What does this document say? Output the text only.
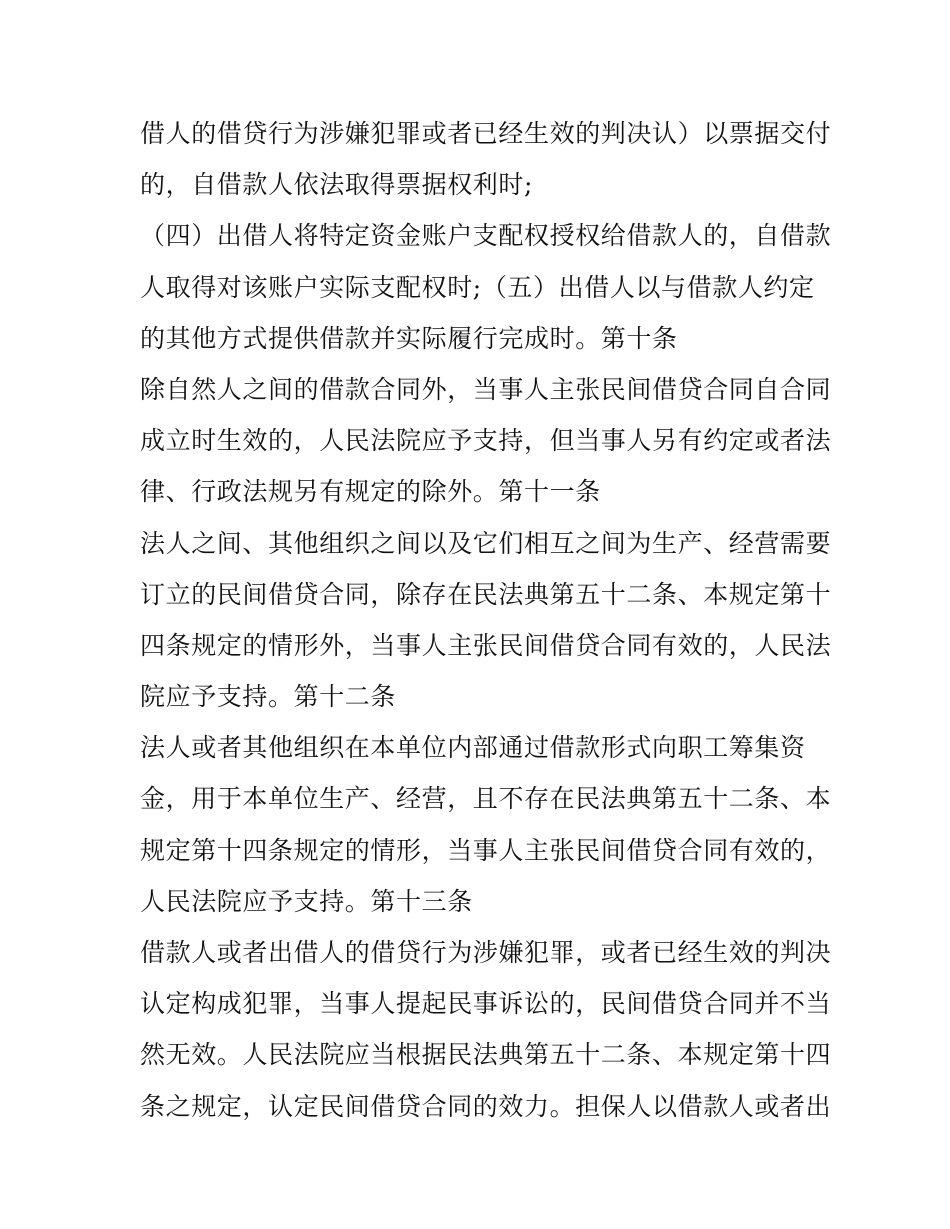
借人的借贷行为涉嫌犯罪或者已经生效的判决认）以票据交付
的，自借款人依法取得票据权利时;
（四）出借人将特定资金账户支配权授权给借款人的，自借款
人取得对该账户实际支配权时;（五）出借人以与借款人约定
的其他方式提供借款并实际履行完成时。第十条
除自然人之间的借款合同外，当事人主张民间借贷合同自合同
成立时生效的，人民法院应予支持，但当事人另有约定或者法
律、行政法规另有规定的除外。第十一条
法人之间、其他组织之间以及它们相互之间为生产、经营需要
订立的民间借贷合同，除存在民法典第五十二条、本规定第十
四条规定的情形外，当事人主张民间借贷合同有效的，人民法
院应予支持。第十二条
法人或者其他组织在本单位内部通过借款形式向职工筹集资
金，用于本单位生产、经营，且不存在民法典第五十二条、本
规定第十四条规定的情形，当事人主张民间借贷合同有效的，
人民法院应予支持。第十三条
借款人或者出借人的借贷行为涉嫌犯罪，或者已经生效的判决
认定构成犯罪，当事人提起民事诉讼的，民间借贷合同并不当
然无效。人民法院应当根据民法典第五十二条、本规定第十四
条之规定，认定民间借贷合同的效力。担保人以借款人或者出
